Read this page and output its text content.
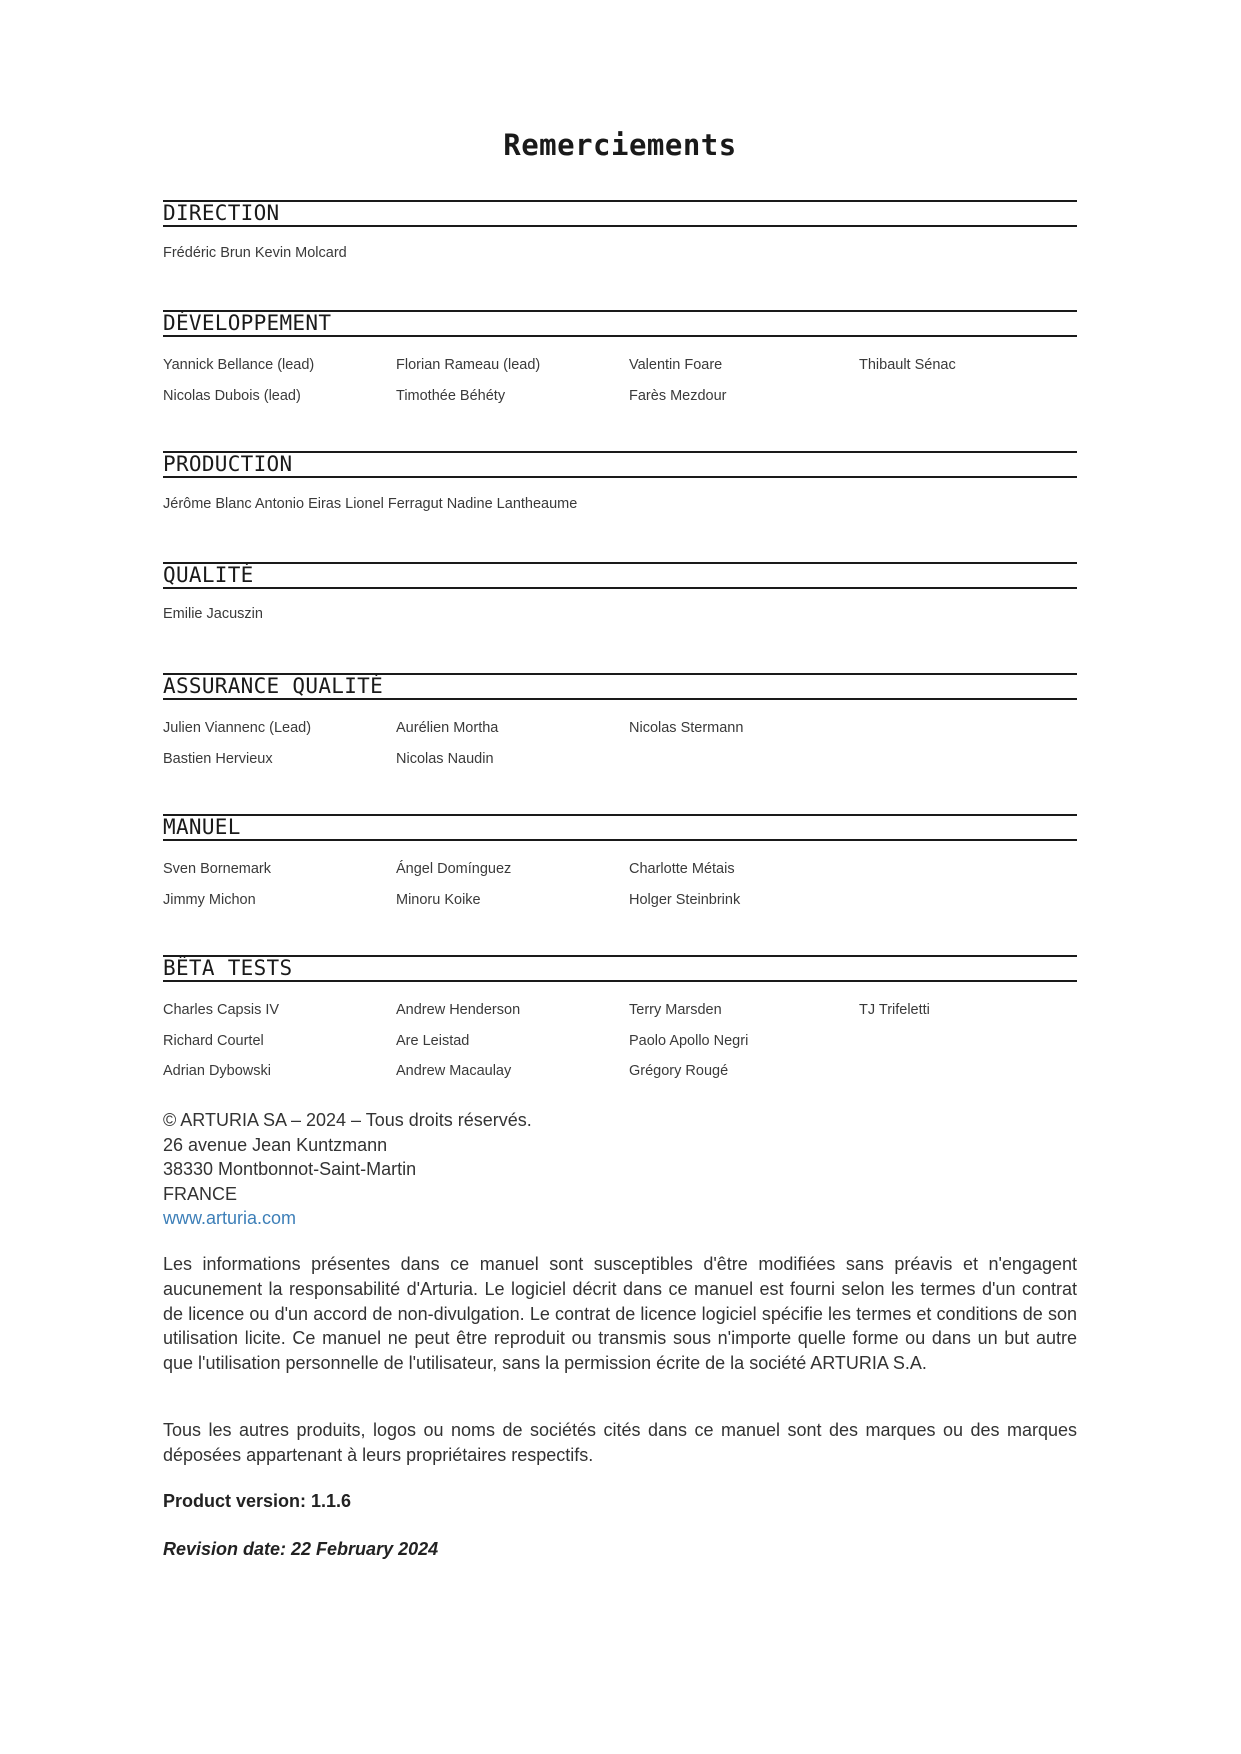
Remerciements
DIRECTION
Frédéric Brun Kevin Molcard
DÉVELOPPEMENT
Yannick Bellance (lead)	Florian Rameau (lead)	Valentin Foare	Thibault Sénac
Nicolas Dubois (lead)	Timothée Béhéty	Farès Mezdour
PRODUCTION
Jérôme Blanc Antonio Eiras Lionel Ferragut Nadine Lantheaume
QUALITÉ
Emilie Jacuszin
ASSURANCE QUALITÉ
Julien Viannenc (Lead)	Aurélien Mortha	Nicolas Stermann
Bastien Hervieux	Nicolas Naudin
MANUEL
Sven Bornemark	Ángel Domínguez	Charlotte Métais
Jimmy Michon	Minoru Koike	Holger Steinbrink
BÊTA TESTS
Charles Capsis IV	Andrew Henderson	Terry Marsden	TJ Trifeletti
Richard Courtel	Are Leistad	Paolo Apollo Negri
Adrian Dybowski	Andrew Macaulay	Grégory Rougé
© ARTURIA SA – 2024 – Tous droits réservés.
26 avenue Jean Kuntzmann
38330 Montbonnot-Saint-Martin
FRANCE
www.arturia.com
Les informations présentes dans ce manuel sont susceptibles d'être modifiées sans préavis et n'engagent aucunement la responsabilité d'Arturia. Le logiciel décrit dans ce manuel est fourni selon les termes d'un contrat de licence ou d'un accord de non-divulgation. Le contrat de licence logiciel spécifie les termes et conditions de son utilisation licite. Ce manuel ne peut être reproduit ou transmis sous n'importe quelle forme ou dans un but autre que l'utilisation personnelle de l'utilisateur, sans la permission écrite de la société ARTURIA S.A.
Tous les autres produits, logos ou noms de sociétés cités dans ce manuel sont des marques ou des marques déposées appartenant à leurs propriétaires respectifs.
Product version: 1.1.6
Revision date: 22 February 2024
